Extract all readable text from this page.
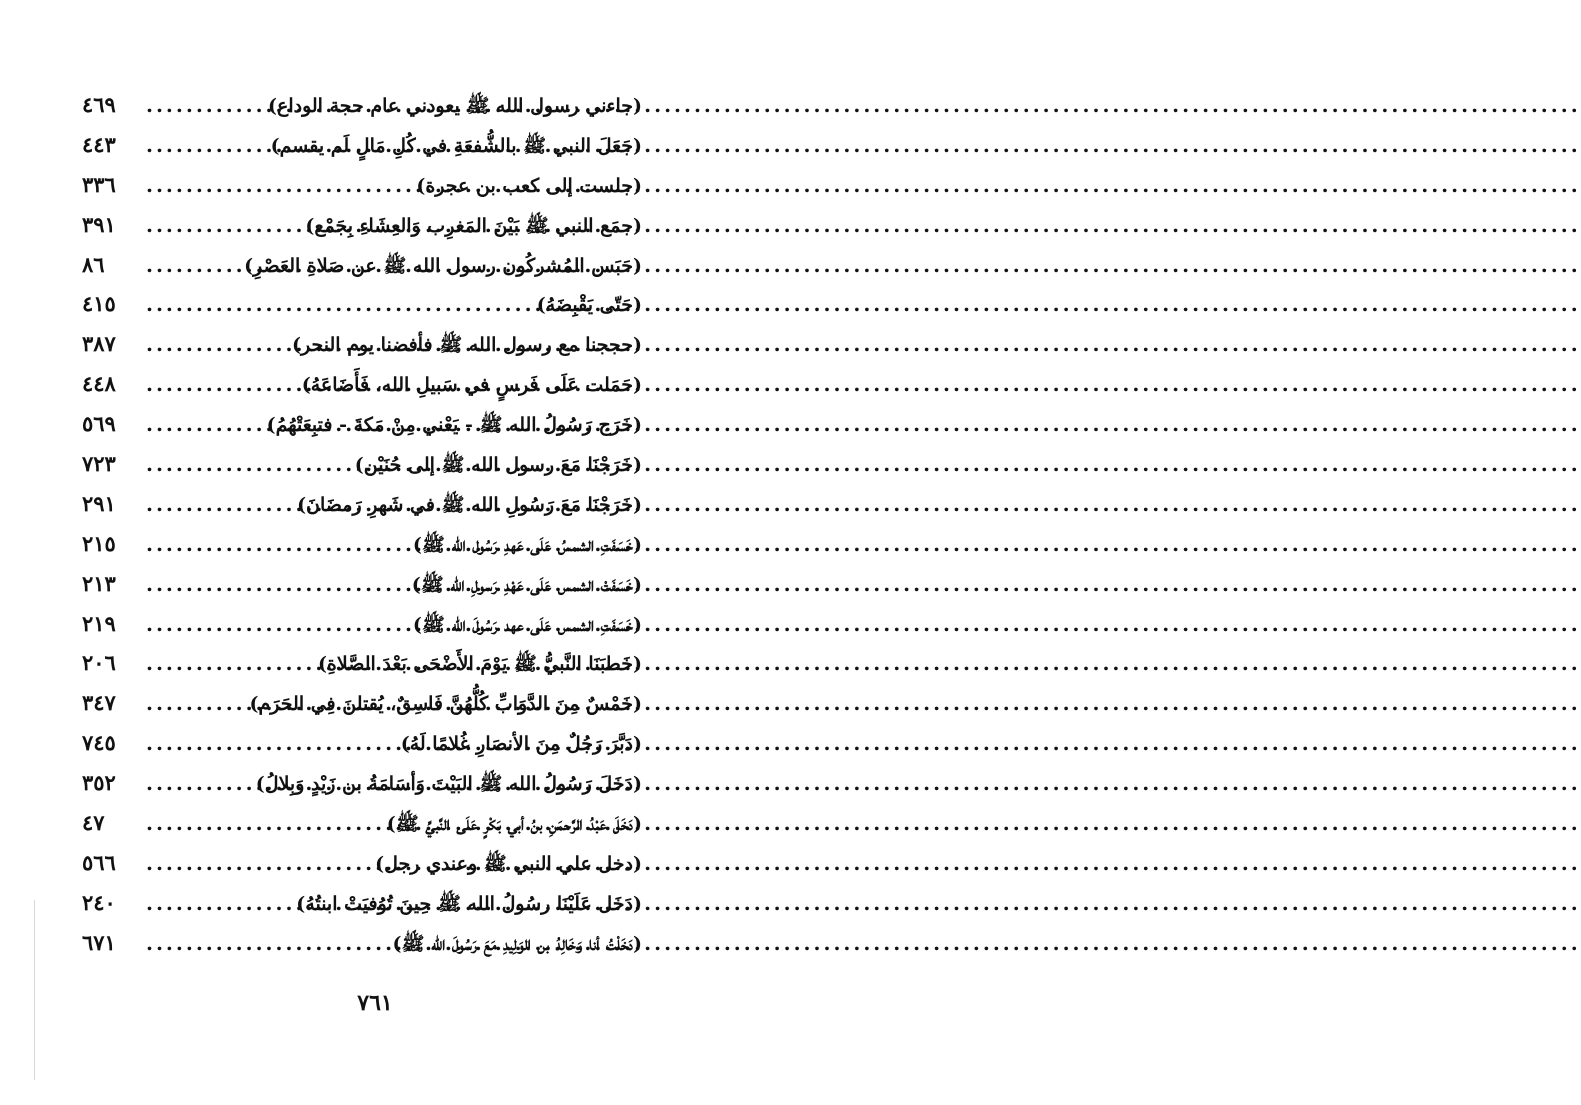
(جاءني رسول الله ﷺ يعودني عام حجة الوداع)
.....
٤٦٩
(جَعَلَ النبي ﷺ بالشُّفعَةِ في كُلِ مَالٍ لَم يقسم)
.....
٤٤٣
(جلست إلى كعب بن عجرة)
.....
٣٣٦
(جمَع النبي ﷺ بَيْنَ المَغرِب وَالعِشَاءِ بِجَمْع)
.....
٣٩١
(حَبَس المُشركُون رسول الله ﷺ عن صَلاةِ العَصْرِ)
.....
٨٦
(حَتّى يَقْبِضَهُ)
.....
٤١٥
(حججنا مع رسول الله ﷺ فأفضنا يوم النحر)
.....
٣٨٧
(حَمَلت عَلَى فَرسٍ في سَبيلِ الله، فَأَضَاعَهُ)
.....
٤٤٨
(خَرَج رَسُولُ الله ﷺ - يَعْني مِنْ مَكةَ - فتبِعَتْهُمُ)
.....
٥٦٩
(خَرَجْنَا مَعَ رسول الله ﷺ إلى حُنَيْن)
.....
٧٢٣
(خَرَجْنَا مَعَ رَسُولِ الله ﷺ في شَهرِ رَمضَانَ)
.....
٢٩١
(خَسَفَتِ الشمسُ عَلَى عَهدِ رَسُول الله ﷺ)
.....
٢١٥
(خَسَفَتْ الشمس عَلَى عَهْدِ رَسولِ الله ﷺ)
.....
٢١٣
(خَسَفَتِ الشمس عَلَى عهد رَسُولَ الله ﷺ)
.....
٢١٩
(خَطبَنَا النَّبيُّ ﷺ يَوْمَ الأَضْحَى بَعْدَ الصَّلاةِ)
.....
٢٠٦
(خَمْسٌ مِنَ الدَّوَابِّ كُلُّهُنَّ فَاسِقٌ، يُقتلنَ فِي الحَرَم)
.....
٣٤٧
(دَبَّرَ رَجُلٌ مِنَ الأنصَارِ غُلامًا لَهُ)
.....
٧٤٥
(دَخَلَ رَسُولُ الله ﷺ البَيْتَ وَأسَامَةُ بن زَيْدٍ وَبِلالُ)
.....
٣٥٢
(دَخَلَ عَبْدُ الرَّحمَنِ بنُ أبي بَكْرٍ عَلَى النَّبيِّ ﷺ)
.....
٤٧
(دخل علي النبي ﷺ وعندي رجل)
.....
٥٦٦
(دَخَل عَلَيْنَا رسُولُ الله ﷺ حِينَ تُوُفيَتْ ابنتُهُ)
.....
٢٤٠
(دَخَلْتُ أنا وَخَالِدُ بن الوَلِيدِ مَعَ رَسُولَ الله ﷺ)
.....
٦٧١
٧٦١
